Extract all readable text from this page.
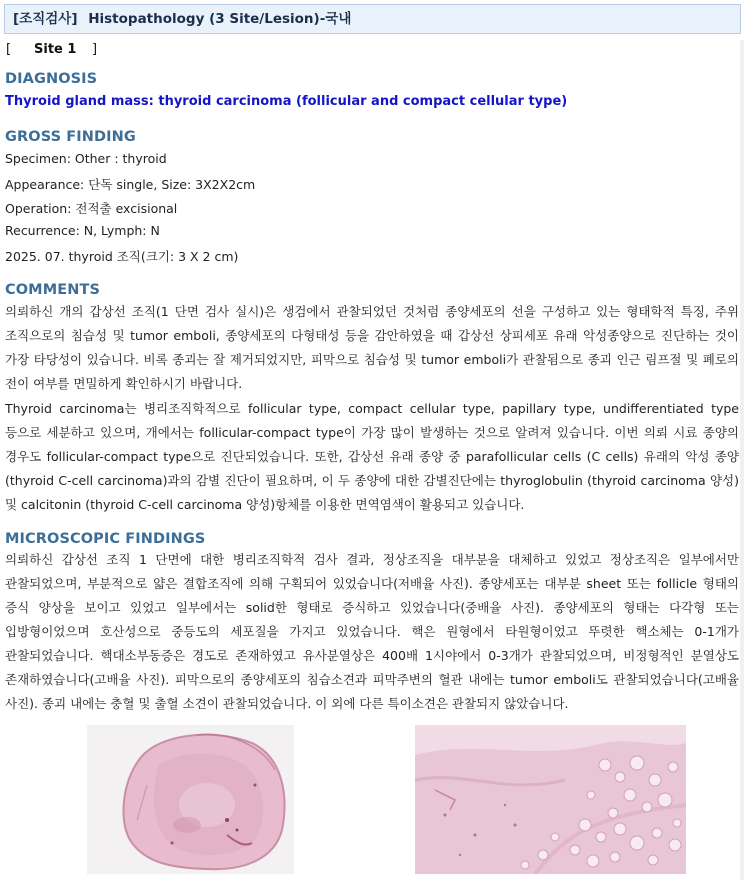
[조직검사] Histopathology (3 Site/Lesion)-국내
[ Site 1 ]
DIAGNOSIS
Thyroid gland mass: thyroid carcinoma (follicular and compact cellular type)
GROSS FINDING
Specimen: Other : thyroid
Appearance: 단독 single, Size: 3X2X2cm
Operation: 전적출 excisional
Recurrence: N, Lymph: N
2025. 07. thyroid 조직(크기: 3 X 2 cm)
COMMENTS
의뢰하신 개의 갑상선 조직(1 단면 검사 실시)은 생검에서 관찰되었던 것처럼 종양세포의 선을 구성하고 있는 형태학적 특징, 주위 조직으로의 침습성 및 tumor emboli, 종양세포의 다형태성 등을 감안하였을 때 갑상선 상피세포 유래 악성종양으로 진단하는 것이 가장 타당성이 있습니다. 비록 종괴는 잘 제거되었지만, 피막으로 침습성 및 tumor emboli가 관찰됨으로 종괴 인근 림프절 및 폐로의 전이 여부를 면밀하게 확인하시기 바랍니다.
Thyroid carcinoma는 병리조직학적으로 follicular type, compact cellular type, papillary type, undifferentiated type 등으로 세분하고 있으며, 개에서는 follicular-compact type이 가장 많이 발생하는 것으로 알려져 있습니다. 이번 의뢰 시료 종양의 경우도 follicular-compact type으로 진단되었습니다. 또한, 갑상선 유래 종양 중 parafollicular cells (C cells) 유래의 악성 종양(thyroid C-cell carcinoma)과의 감별 진단이 필요하며, 이 두 종양에 대한 감별진단에는 thyroglobulin (thyroid carcinoma 양성) 및 calcitonin (thyroid C-cell carcinoma 양성)항체를 이용한 면역염색이 활용되고 있습니다.
MICROSCOPIC FINDINGS
의뢰하신 갑상선 조직 1 단면에 대한 병리조직학적 검사 결과, 정상조직을 대부분을 대체하고 있었고 정상조직은 일부에서만 관찰되었으며, 부분적으로 얇은 결합조직에 의해 구획되어 있었습니다(저배율 사진). 종양세포는 대부분 sheet 또는 follicle 형태의 증식 양상을 보이고 있었고 일부에서는 solid한 형태로 증식하고 있었습니다(중배율 사진). 종양세포의 형태는 다각형 또는 입방형이었으며 호산성으로 중등도의 세포질을 가지고 있었습니다. 핵은 원형에서 타원형이었고 뚜렷한 핵소체는 0-1개가 관찰되었습니다. 핵대소부동증은 경도로 존재하였고 유사분열상은 400배 1시야에서 0-3개가 관찰되었으며, 비정형적인 분열상도 존재하였습니다(고배율 사진). 피막으로의 종양세포의 침습소견과 피막주변의 혈관 내에는 tumor emboli도 관찰되었습니다(고배율 사진). 종괴 내에는 충혈 및 출혈 소견이 관찰되었습니다. 이 외에 다른 특이소견은 관찰되지 않았습니다.
